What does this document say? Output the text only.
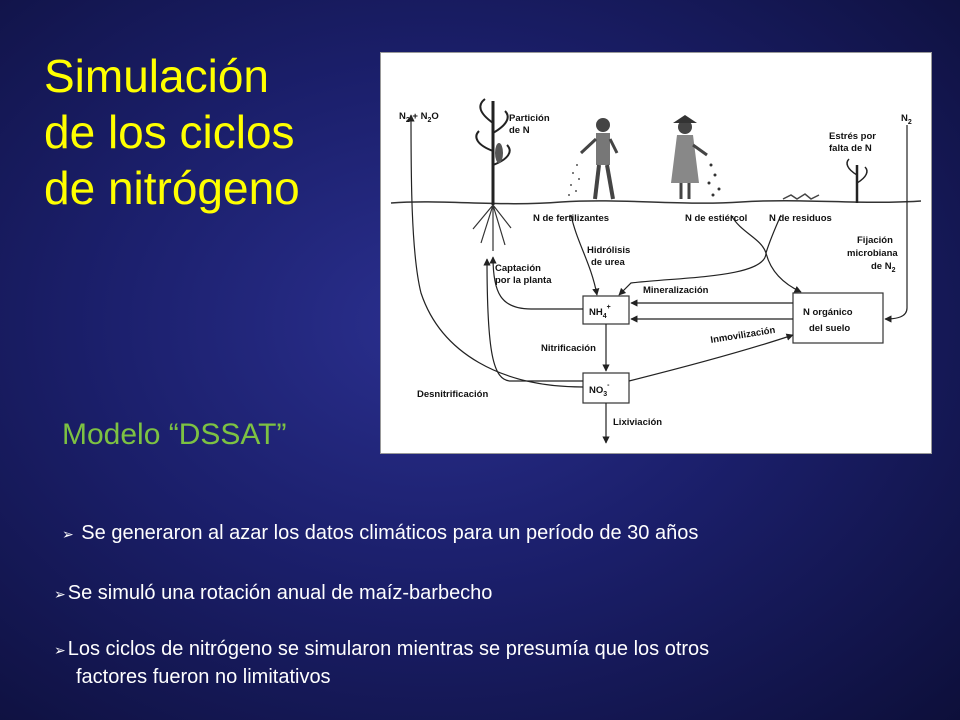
Simulación
de los ciclos
de nitrógeno
$N_2 + N_2O$	Partición
de N
Estrés por
falta de N
$N_2$
N de fertilizantes	N de estiércol N de residuos
Hidrólisis
de urea
Fijación
microbiana
de $N_2$
Captación
por la planta
Mineralización
$NH_4^+$	N orgánico
del suelo
Inmovilización
Nitrificación
$NO_3^-$
Desnitrificación
Lixiviación
Modelo “DSSAT”
➢ Se generaron al azar los datos climáticos para un período de 30 años
➢ Se simuló una rotación anual de maíz-barbecho
➢ Los ciclos de nitrógeno se simularon mientras se presumía que los otros
factores fueron no limitativos
